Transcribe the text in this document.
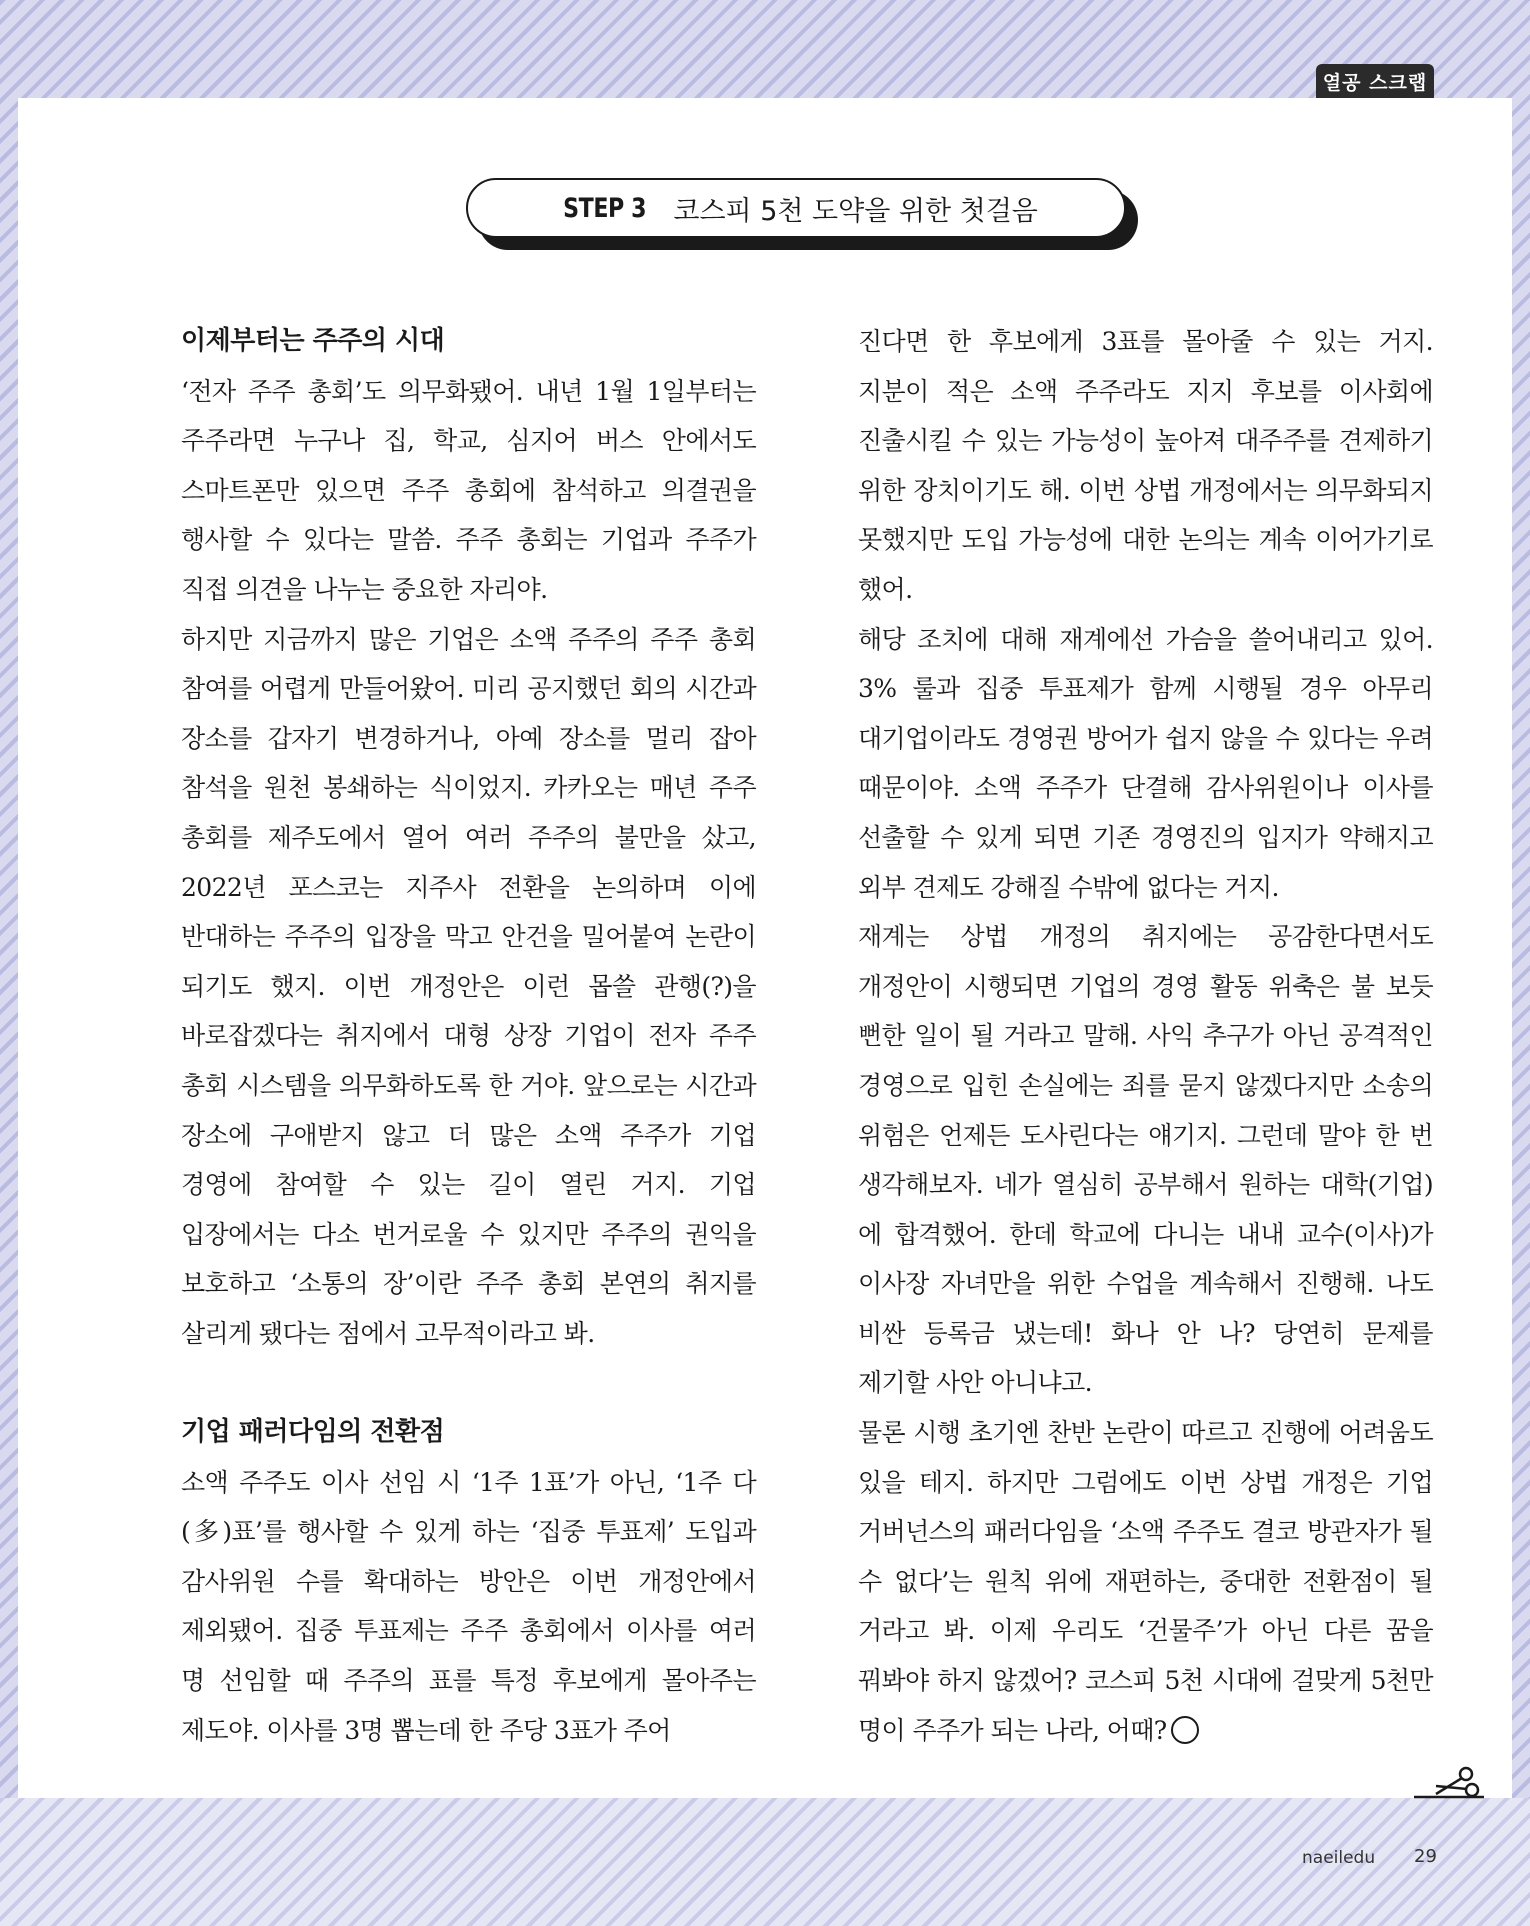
열공 스크랩
STEP 3 코스피 5천 도약을 위한 첫걸음
이제부터는 주주의 시대

‘전자 주주 총회’도 의무화됐어. 내년 1월 1일부터는 주주라면 누구나 집, 학교, 심지어 버스 안에서도 스마트폰만 있으면 주주 총회에 참석하고 의결권을 행사할 수 있다는 말씀. 주주 총회는 기업과 주주가 직접 의견을 나누는 중요한 자리야.

하지만 지금까지 많은 기업은 소액 주주의 주주 총회 참여를 어렵게 만들어왔어. 미리 공지했던 회의 시간과 장소를 갑자기 변경하거나, 아예 장소를 멀리 잡아 참석을 원천 봉쇄하는 식이었지. 카카오는 매년 주주 총회를 제주도에서 열어 여러 주주의 불만을 샀고, 2022년 포스코는 지주사 전환을 논의하며 이에 반대하는 주주의 입장을 막고 안건을 밀어붙여 논란이 되기도 했지. 이번 개정안은 이런 몹쓸 관행(?)을 바로잡겠다는 취지에서 대형 상장 기업이 전자 주주 총회 시스템을 의무화하도록 한 거야. 앞으로는 시간과 장소에 구애받지 않고 더 많은 소액 주주가 기업 경영에 참여할 수 있는 길이 열린 거지. 기업 입장에서는 다소 번거로울 수 있지만 주주의 권익을 보호하고 ‘소통의 장’이란 주주 총회 본연의 취지를 살리게 됐다는 점에서 고무적이라고 봐.

기업 패러다임의 전환점

소액 주주도 이사 선임 시 ‘1주 1표’가 아닌, ‘1주 다(多)표’를 행사할 수 있게 하는 ‘집중 투표제’ 도입과 감사위원 수를 확대하는 방안은 이번 개정안에서 제외됐어. 집중 투표제는 주주 총회에서 이사를 여러 명 선임할 때 주주의 표를 특정 후보에게 몰아주는 제도야. 이사를 3명 뽑는데 한 주당 3표가 주어

진다면 한 후보에게 3표를 몰아줄 수 있는 거지. 지분이 적은 소액 주주라도 지지 후보를 이사회에 진출시킬 수 있는 가능성이 높아져 대주주를 견제하기 위한 장치이기도 해. 이번 상법 개정에서는 의무화되지 못했지만 도입 가능성에 대한 논의는 계속 이어가기로 했어.

해당 조치에 대해 재계에선 가슴을 쓸어내리고 있어. 3% 룰과 집중 투표제가 함께 시행될 경우 아무리 대기업이라도 경영권 방어가 쉽지 않을 수 있다는 우려 때문이야. 소액 주주가 단결해 감사위원이나 이사를 선출할 수 있게 되면 기존 경영진의 입지가 약해지고 외부 견제도 강해질 수밖에 없다는 거지.

재계는 상법 개정의 취지에는 공감한다면서도 개정안이 시행되면 기업의 경영 활동 위축은 불 보듯 뻔한 일이 될 거라고 말해. 사익 추구가 아닌 공격적인 경영으로 입힌 손실에는 죄를 묻지 않겠다지만 소송의 위험은 언제든 도사린다는 얘기지. 그런데 말야 한 번 생각해보자. 네가 열심히 공부해서 원하는 대학(기업)에 합격했어. 한데 학교에 다니는 내내 교수(이사)가 이사장 자녀만을 위한 수업을 계속해서 진행해. 나도 비싼 등록금 냈는데! 화나 안 나? 당연히 문제를 제기할 사안 아니냐고.

물론 시행 초기엔 찬반 논란이 따르고 진행에 어려움도 있을 테지. 하지만 그럼에도 이번 상법 개정은 기업 거버넌스의 패러다임을 ‘소액 주주도 결코 방관자가 될 수 없다’는 원칙 위에 재편하는, 중대한 전환점이 될 거라고 봐. 이제 우리도 ‘건물주’가 아닌 다른 꿈을 꿔봐야 하지 않겠어? 코스피 5천 시대에 걸맞게 5천만 명이 주주가 되는 나라, 어때?

naeiledu 29
